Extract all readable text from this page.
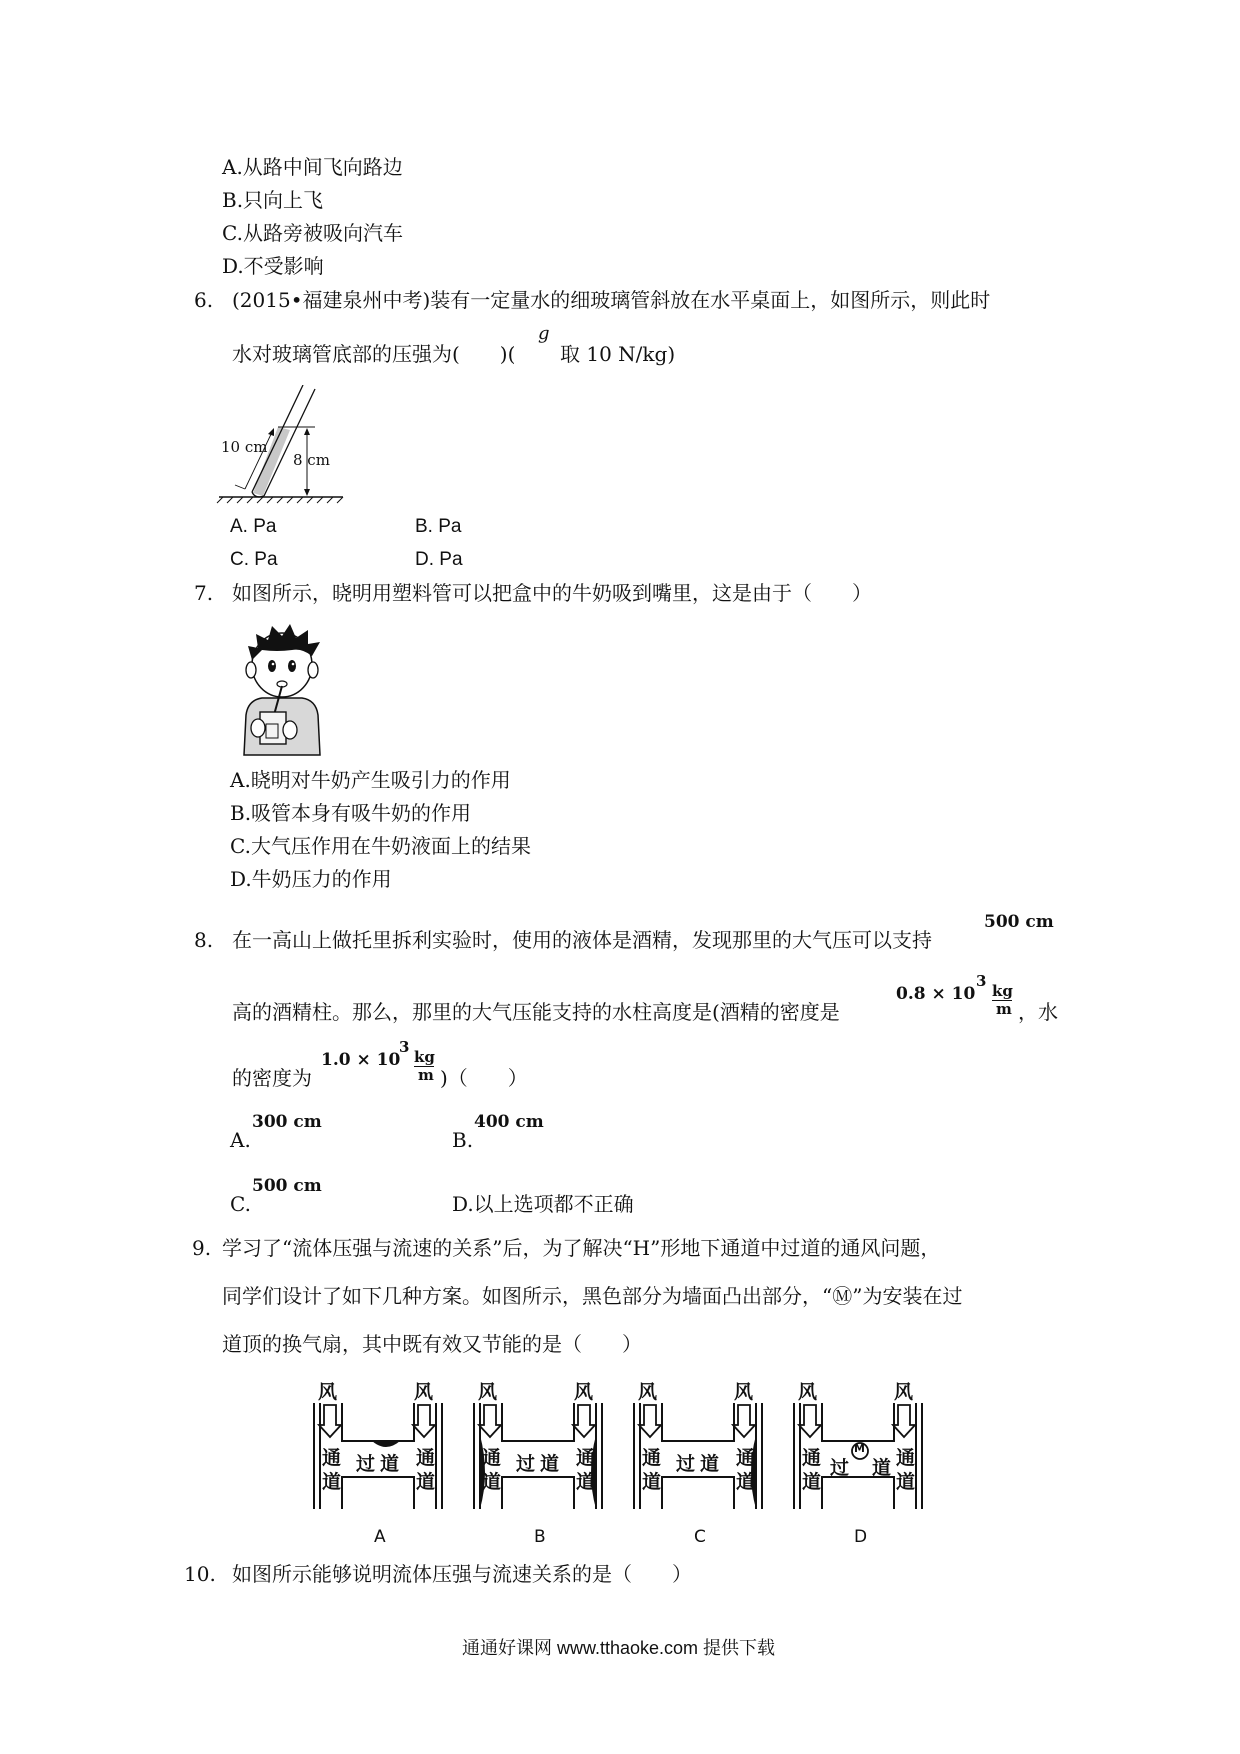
A.从路中间飞向路边
B.只向上飞
C.从路旁被吸向汽车
D.不受影响
6. (2015•福建泉州中考)装有一定量水的细玻璃管斜放在水平桌面上，如图所示，则此时
水对玻璃管底部的压强为(　　)(
g
取 10 N/kg)
10 cm
8 cm
A. Pa	B. Pa
C. Pa	D. Pa
7. 如图所示，晓明用塑料管可以把盒中的牛奶吸到嘴里，这是由于（　　）
A.晓明对牛奶产生吸引力的作用
B.吸管本身有吸牛奶的作用
C.大气压作用在牛奶液面上的结果
D.牛奶压力的作用
8. 在一高山上做托里拆利实验时，使用的液体是酒精，发现那里的大气压可以支持
500 cm
高的酒精柱。那么，那里的大气压能支持的水柱高度是(酒精的密度是
0.8 × 10
3
kg
m ，水
的密度为
1.0 × 10
3
kg
m )（　　）
A.
300 cm
B.
400 cm
C.
500 cm
D.以上选项都不正确
9. 学习了“流体压强与流速的关系”后，为了解决“H”形地下通道中过道的通风问题，
同学们设计了如下几种方案。如图所示，黑色部分为墙面凸出部分，“Ⓜ”为安装在过
道顶的换气扇，其中既有效又节能的是（　　）
风	风
通
道
通
道
过 道
A
风	风
通
道
通
道
过 道
B
风	风
通
道
通
道
过 道
C
风	风
通
道
通
道
过 道
M
D
10. 如图所示能够说明流体压强与流速关系的是（　　）
通通好课网 www.tthaoke.com 提供下载
